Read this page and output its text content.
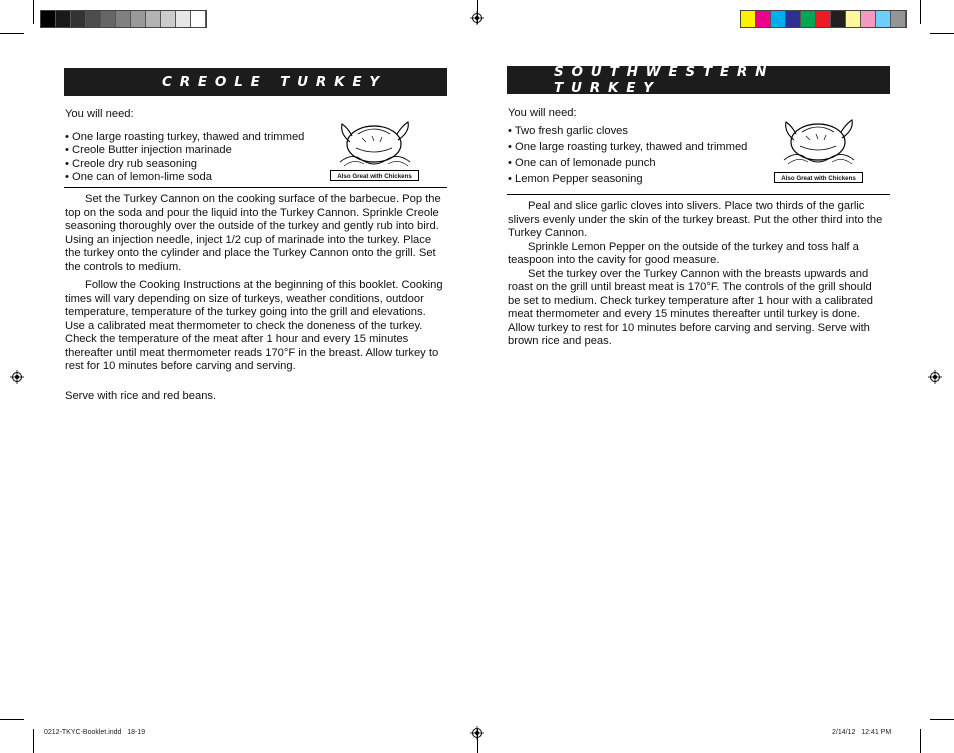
CREOLE TURKEY

You will need:

• One large roasting turkey, thawed and trimmed
• Creole Butter injection marinade
• Creole dry rub seasoning
• One can of lemon-lime soda	Also Great with Chickens

Set the Turkey Cannon on the cooking surface of the barbecue. Pop the top on the soda and pour the liquid into the Turkey Cannon. Sprinkle Creole seasoning thoroughly over the outside of the turkey and gently rub into bird. Using an injection needle, inject 1/2 cup of marinade into the turkey. Place the turkey onto the cylinder and place the Turkey Cannon onto the grill. Set the controls to medium.

Follow the Cooking Instructions at the beginning of this booklet. Cooking times will vary depending on size of turkeys, weather conditions, outdoor temperature, temperature of the turkey going into the grill and elevations. Use a calibrated meat thermometer to check the doneness of the turkey. Check the temperature of the meat after 1 hour and every 15 minutes thereafter until meat thermometer reads 170°F in the breast. Allow turkey to rest for 10 minutes before carving and serving.

Serve with rice and red beans.

SOUTHWESTERN TURKEY

You will need:

• Two fresh garlic cloves
• One large roasting turkey, thawed and trimmed
• One can of lemonade punch
• Lemon Pepper seasoning	Also Great with Chickens

Peal and slice garlic cloves into slivers. Place two thirds of the garlic slivers evenly under the skin of the turkey breast. Put the other third into the Turkey Cannon.

Sprinkle Lemon Pepper on the outside of the turkey and toss half a teaspoon into the cavity for good measure.

Set the turkey over the Turkey Cannon with the breasts upwards and roast on the grill until breast meat is 170°F. The controls of the grill should be set to medium. Check turkey temperature after 1 hour with a calibrated meat thermometer and every 15 minutes thereafter until turkey is done. Allow turkey to rest for 10 minutes before carving and serving. Serve with brown rice and peas.

0212-TKYC-Booklet.indd   18-19	2/14/12   12:41 PM
